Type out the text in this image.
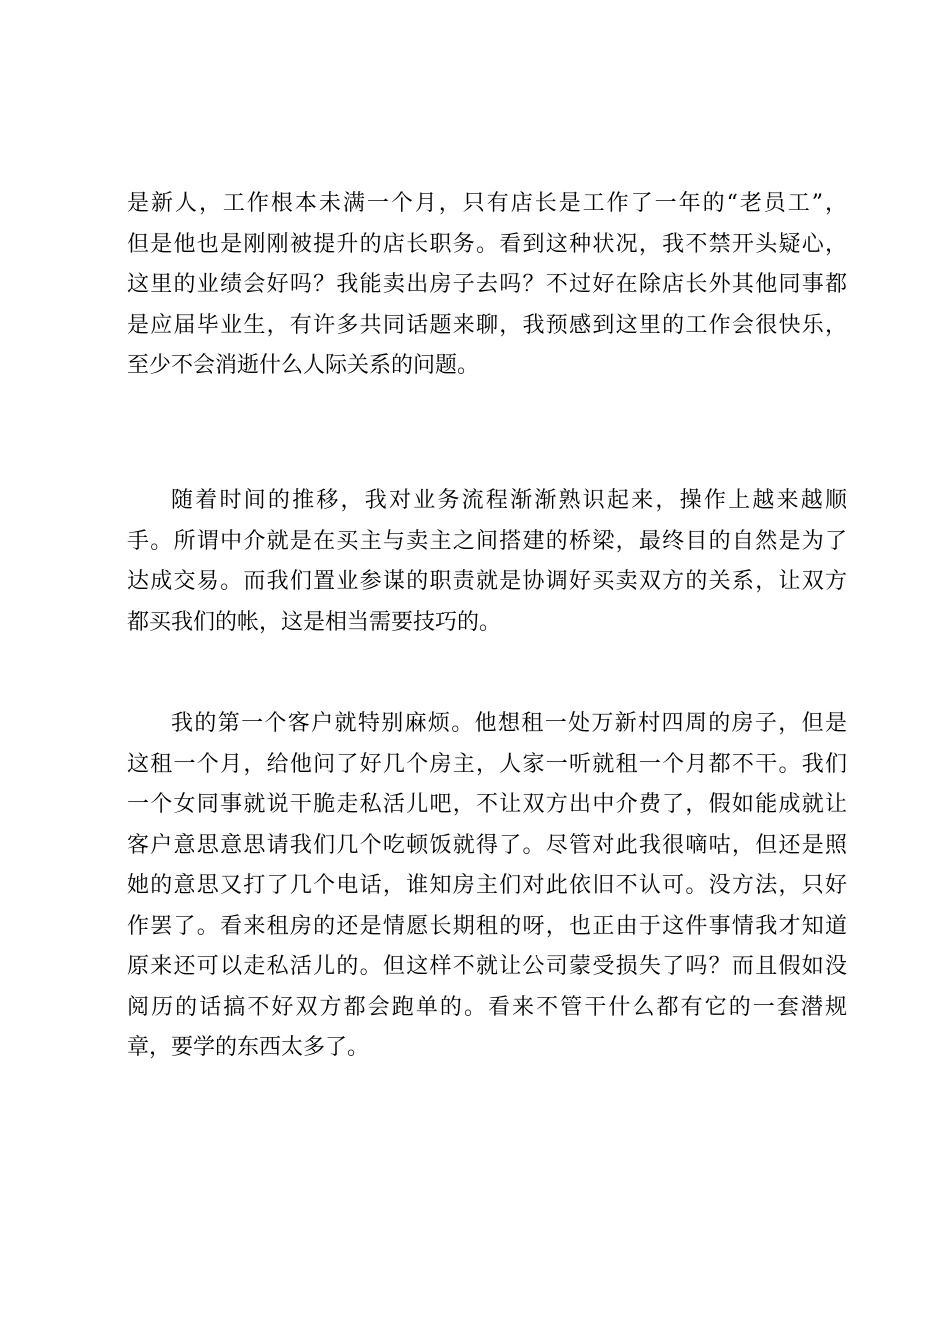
是新人，工作根本未满一个月，只有店长是工作了一年的“老员工”，
但是他也是刚刚被提升的店长职务。看到这种状况，我不禁开头疑心，
这里的业绩会好吗？我能卖出房子去吗？不过好在除店长外其他同事都
是应届毕业生，有许多共同话题来聊，我预感到这里的工作会很快乐，
至少不会消逝什么人际关系的问题。

随着时间的推移，我对业务流程渐渐熟识起来，操作上越来越顺
手。所谓中介就是在买主与卖主之间搭建的桥梁，最终目的自然是为了
达成交易。而我们置业参谋的职责就是协调好买卖双方的关系，让双方
都买我们的帐，这是相当需要技巧的。

我的第一个客户就特别麻烦。他想租一处万新村四周的房子，但是
这租一个月，给他问了好几个房主，人家一听就租一个月都不干。我们
一个女同事就说干脆走私活儿吧，不让双方出中介费了，假如能成就让
客户意思意思请我们几个吃顿饭就得了。尽管对此我很嘀咕，但还是照
她的意思又打了几个电话，谁知房主们对此依旧不认可。没方法，只好
作罢了。看来租房的还是情愿长期租的呀，也正由于这件事情我才知道
原来还可以走私活儿的。但这样不就让公司蒙受损失了吗？而且假如没
阅历的话搞不好双方都会跑单的。看来不管干什么都有它的一套潜规
章，要学的东西太多了。
